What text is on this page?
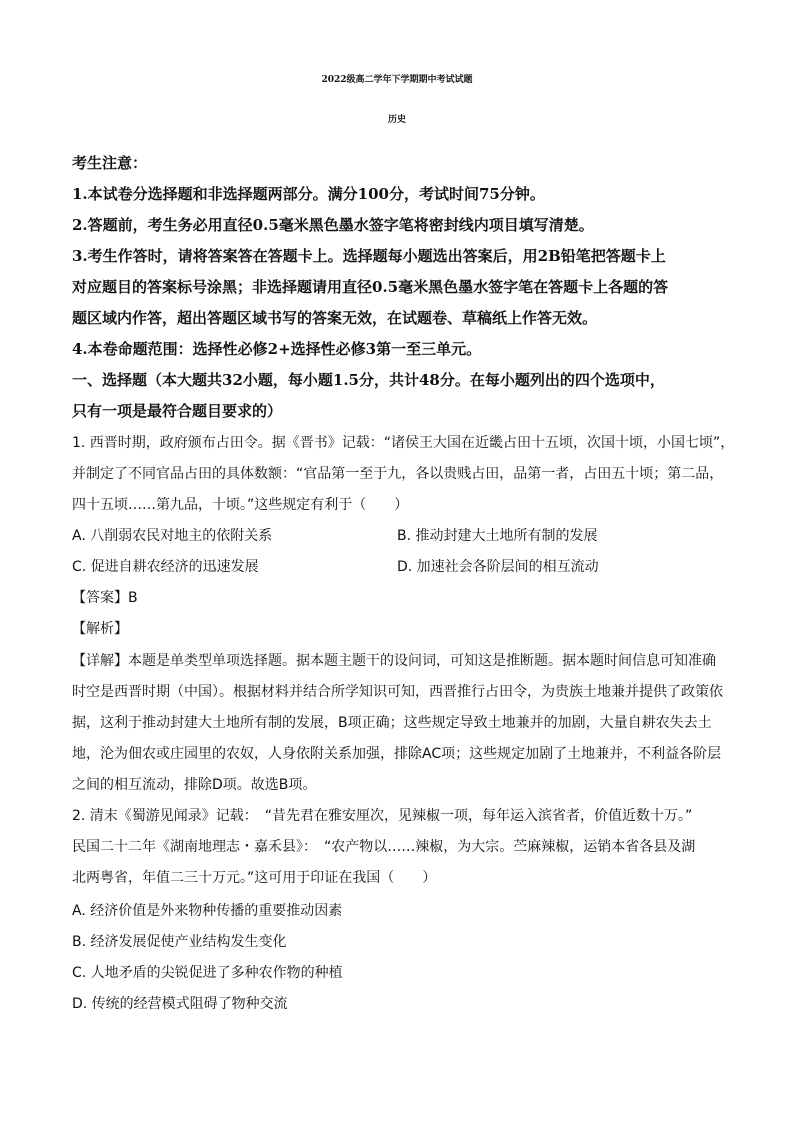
2022级高二学年下学期期中考试试题
历史
考生注意：
1.本试卷分选择题和非选择题两部分。满分100分，考试时间75分钟。
2.答题前，考生务必用直径0.5毫米黑色墨水签字笔将密封线内项目填写清楚。
3.考生作答时，请将答案答在答题卡上。选择题每小题选出答案后，用2B铅笔把答题卡上
对应题目的答案标号涂黑；非选择题请用直径0.5毫米黑色墨水签字笔在答题卡上各题的答
题区域内作答，超出答题区域书写的答案无效，在试题卷、草稿纸上作答无效。
4.本卷命题范围：选择性必修2+选择性必修3第一至三单元。
一、选择题（本大题共32小题，每小题1.5分，共计48分。在每小题列出的四个选项中，
只有一项是最符合题目要求的）
1. 西晋时期，政府颁布占田令。据《晋书》记载：“诸侯王大国在近畿占田十五顷，次国十顷，小国七顷”，
并制定了不同官品占田的具体数额：“官品第一至于九，各以贵贱占田，品第一者，占田五十顷；第二品，
四十五顷……第九品，十顷。”这些规定有利于（　　）
A. 八削弱农民对地主的依附关系	B. 推动封建大土地所有制的发展
C. 促进自耕农经济的迅速发展	D. 加速社会各阶层间的相互流动
【答案】B
【解析】
【详解】本题是单类型单项选择题。据本题主题干的设问词，可知这是推断题。据本题时间信息可知准确
时空是西晋时期（中国）。根据材料并结合所学知识可知，西晋推行占田令，为贵族土地兼并提供了政策依
据，这利于推动封建大土地所有制的发展，B项正确；这些规定导致土地兼并的加剧，大量自耕农失去土
地，沦为佃农或庄园里的农奴，人身依附关系加强，排除AC项；这些规定加剧了土地兼并，不利益各阶层
之间的相互流动，排除D项。故选B项。
2. 清末《蜀游见闻录》记载：　“昔先君在雅安厘次，见辣椒一项，每年运入滨省者，价值近数十万。”
民国二十二年《湖南地理志・嘉禾县》：　“农产物以……辣椒，为大宗。苎麻辣椒，运销本省各县及湖
北两粤省，年值二三十万元。”这可用于印证在我国（　　）
A. 经济价值是外来物种传播的重要推动因素
B. 经济发展促使产业结构发生变化
C. 人地矛盾的尖锐促进了多种农作物的种植
D. 传统的经营模式阻碍了物种交流
